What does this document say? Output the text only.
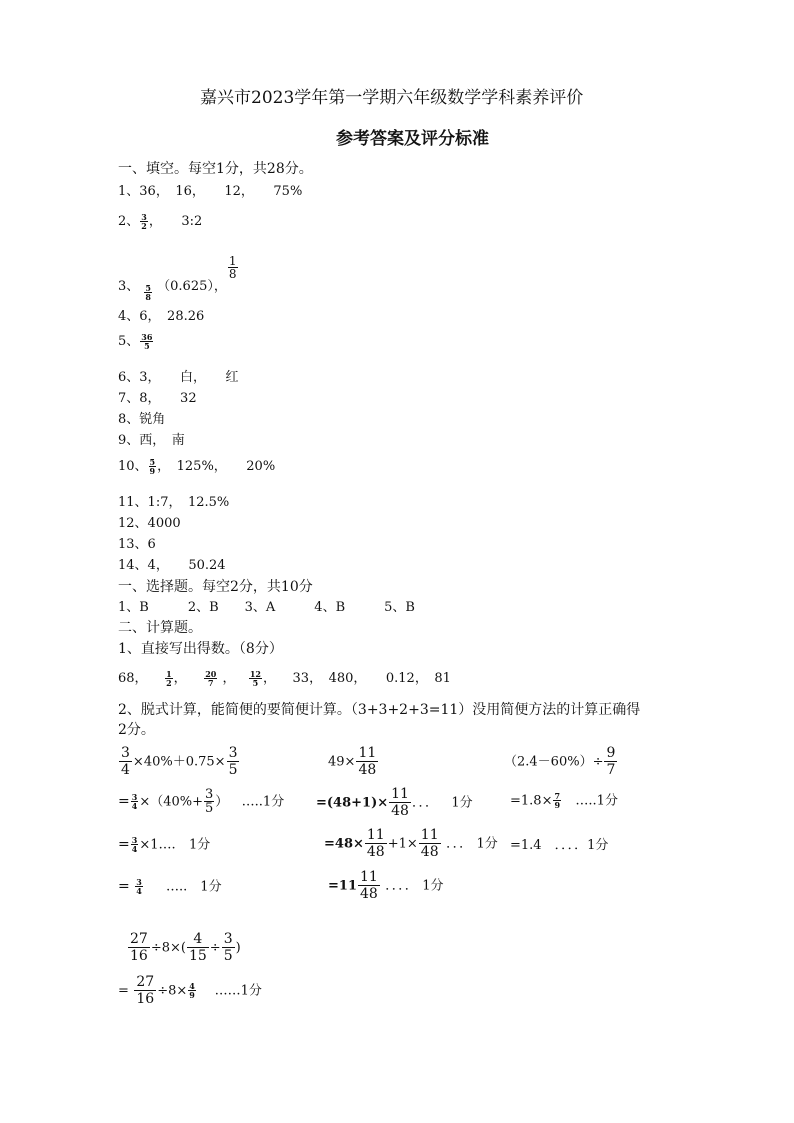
嘉兴市2023学年第一学期六年级数学学科素养评价
参考答案及评分标准
一、填空。每空1分，共28分。
1、36，　16，　　12，　　75%
2、 $\frac{3}{2}$ ，　　3:2
3、 $\frac{5}{8} (0.625)$，
$\frac{1}{8}$
4、6，　28.26
5、 $\frac{36}{5}$
6、3，　　白，　　红
7、8，　　32
8、锐角
9、西，　南
10、 $\frac{5}{9}$ ，　125%，　　20%
11、1:7，　12.5%
12、4000
13、6
14、4，　　50.24
一、选择题。每空2分，共10分
1、B　　　2、B　　3、A　　　4、B　　　5、B
二、计算题。
1、直接写出得数。（8分）
68， $\frac{1}{2}$ ， $\frac{20}{7}$ ， $\frac{12}{5}$ ，    33，　480，　　0.12，　81
2、脱式计算，能简便的要简便计算。（3+3+2+3=11）没用简便方法的计算正确得
2分。
$\frac{3}{4} \times 40\%+0.75\times \frac{3}{5}$
= $\frac{3}{4} \times(40\%+ \frac{3}{5}$ ） …..1分
= $\frac{3}{4}$ ×1…. 1分
= $\frac{3}{4}$ …..　1分
$49\times \frac{11}{48}$
$=(48+1)\times \frac{11}{48}$ ．．． 1分
$=48\times \frac{11}{48} +1\times \frac{11}{48}$ ．．． 1分
$=11 \frac{11}{48}$ ．．．． 1分
$(2.4-60\%)\div \frac{9}{7}$
$=1.8\times \frac{7}{9}$ …..1分
=1.4　．．．．1分
$\frac{27}{16} \div 8\times( \frac{4}{15} \div \frac{3}{5}$ )
= $\frac{27}{16} \div 8\times \frac{4}{9}$ ……1分
